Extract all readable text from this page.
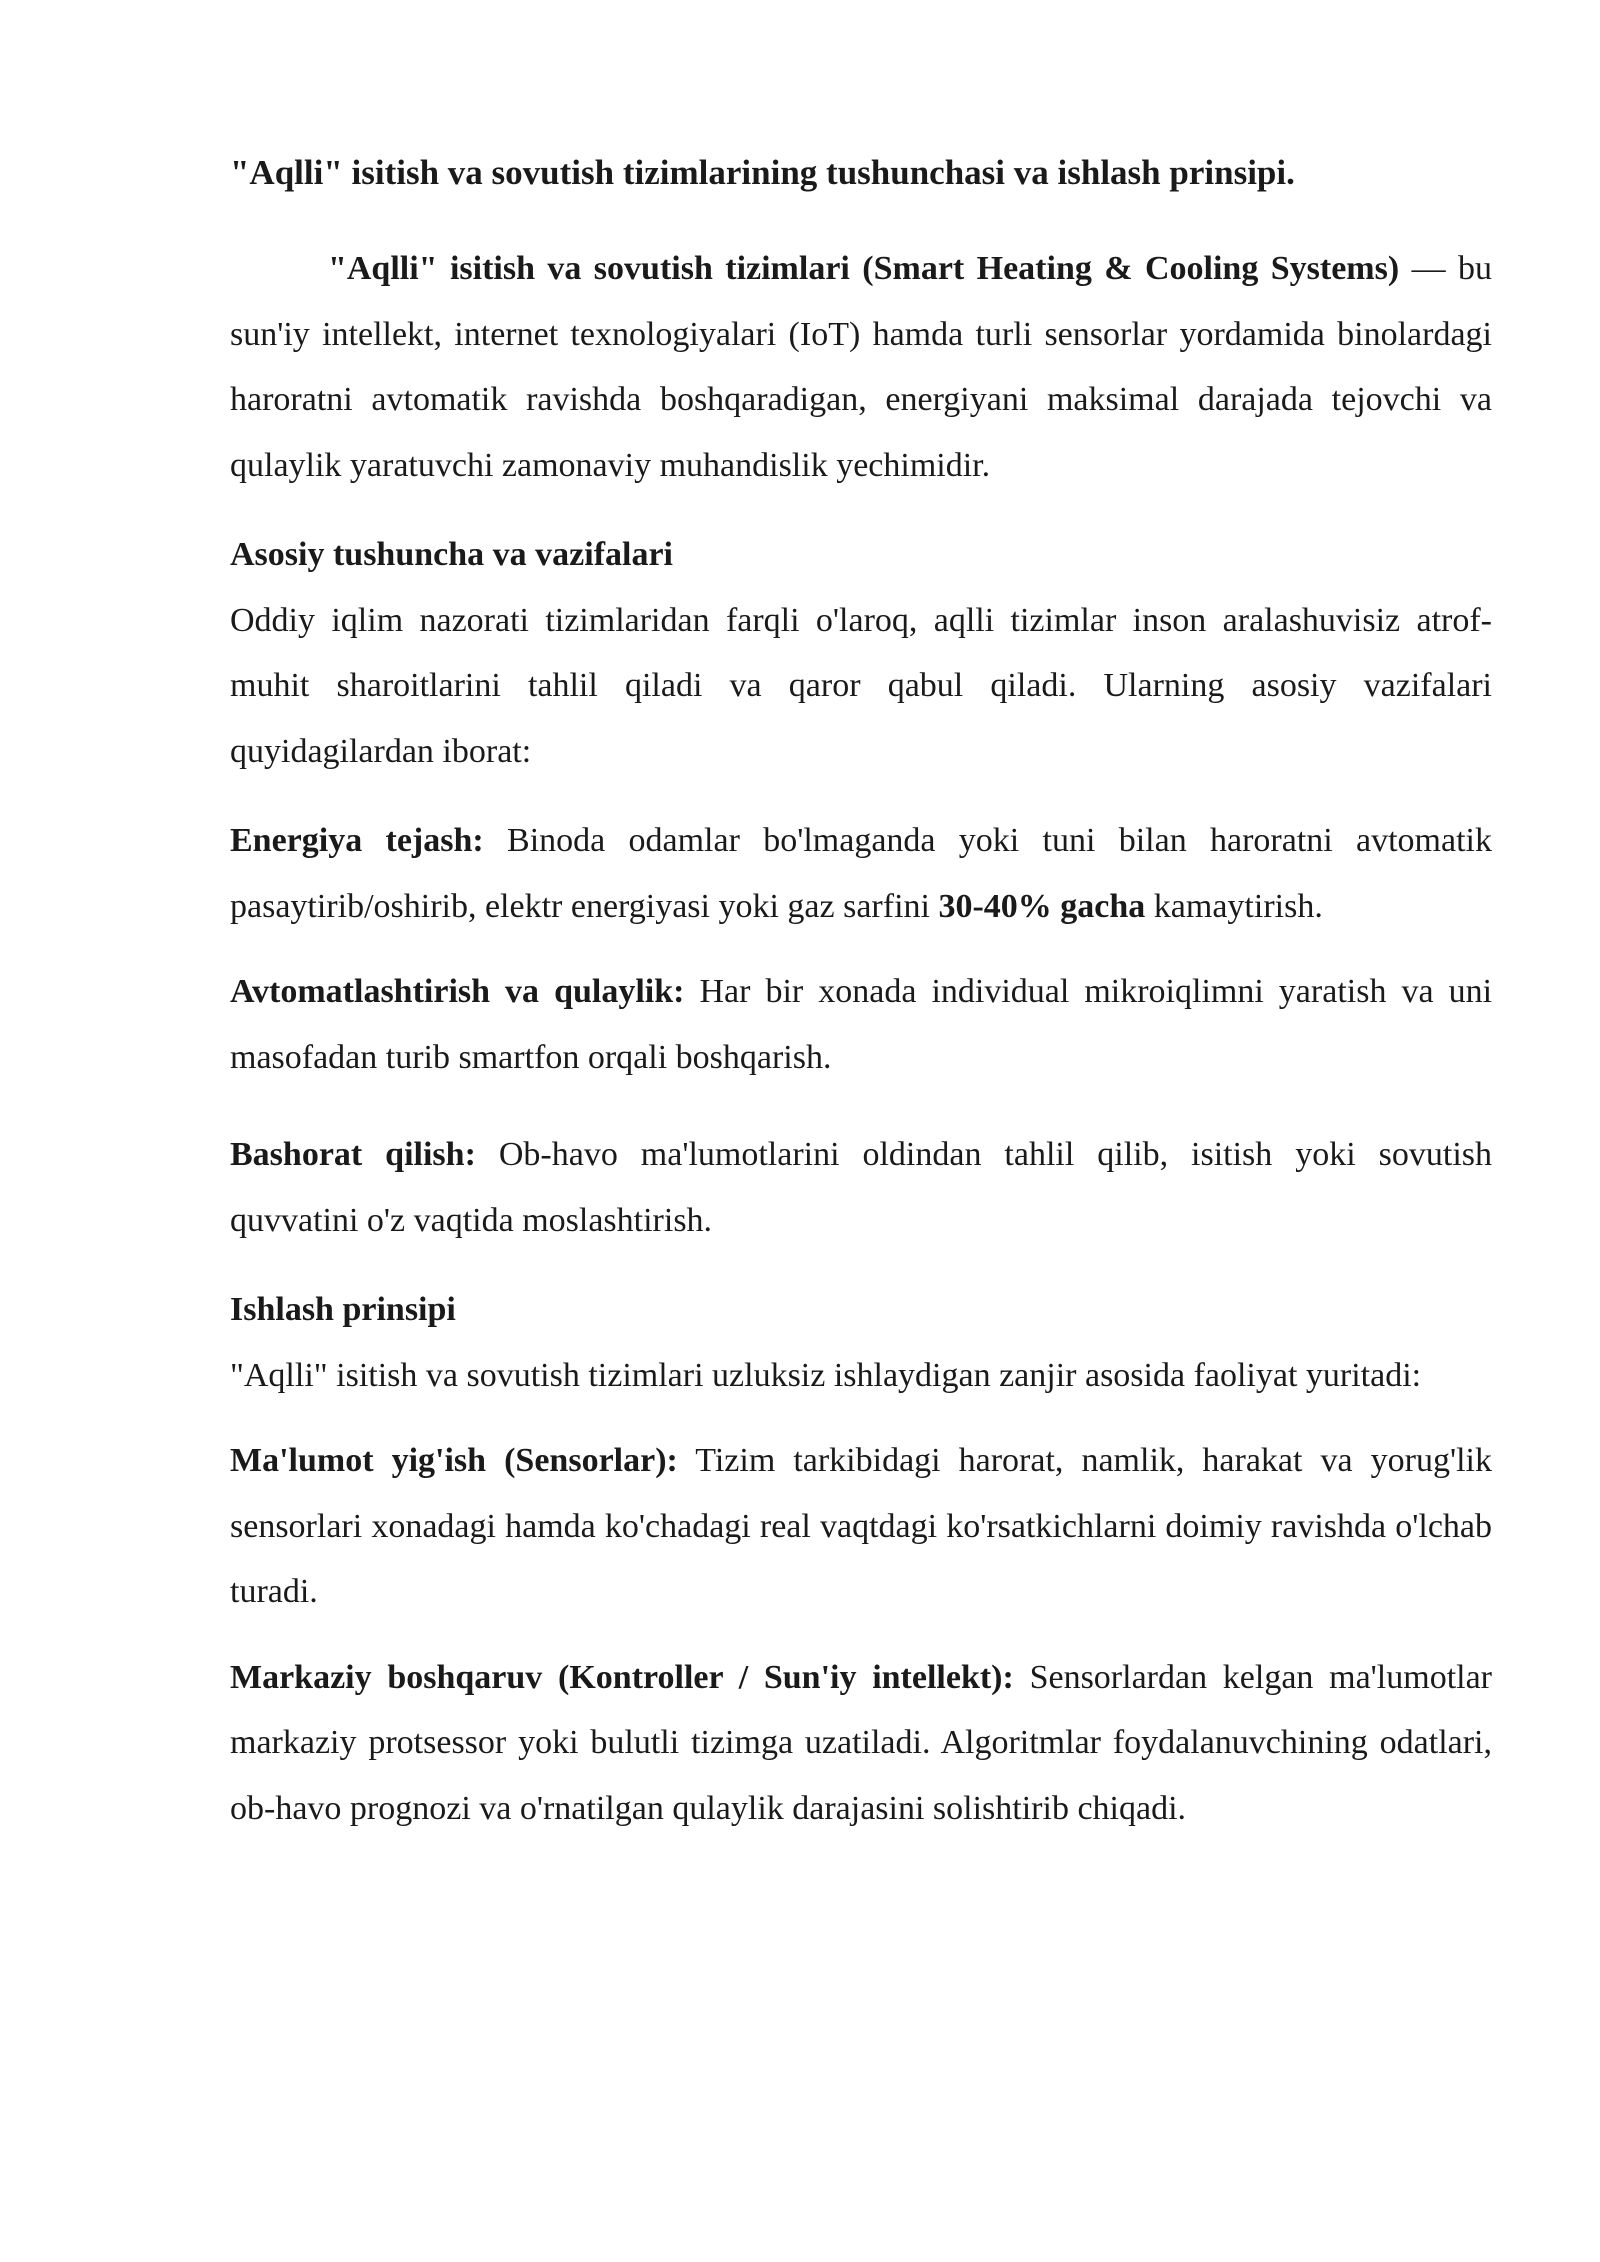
"Aqlli" isitish va sovutish tizimlarining tushunchasi va ishlash prinsipi.

"Aqlli" isitish va sovutish tizimlari (Smart Heating & Cooling Systems) — bu sun'iy intellekt, internet texnologiyalari (IoT) hamda turli sensorlar yordamida binolardagi haroratni avtomatik ravishda boshqaradigan, energiyani maksimal darajada tejovchi va qulaylik yaratuvchi zamonaviy muhandislik yechimidir.

Asosiy tushuncha va vazifalari

Oddiy iqlim nazorati tizimlaridan farqli o'laroq, aqlli tizimlar inson aralashuvisiz atrof-muhit sharoitlarini tahlil qiladi va qaror qabul qiladi. Ularning asosiy vazifalari quyidagilardan iborat:

Energiya tejash: Binoda odamlar bo'lmaganda yoki tuni bilan haroratni avtomatik pasaytirib/oshirib, elektr energiyasi yoki gaz sarfini 30-40% gacha kamaytirish.

Avtomatlashtirish va qulaylik: Har bir xonada individual mikroiqlimni yaratish va uni masofadan turib smartfon orqali boshqarish.

Bashorat qilish: Ob-havo ma'lumotlarini oldindan tahlil qilib, isitish yoki sovutish quvvatini o'z vaqtida moslashtirish.

Ishlash prinsipi

"Aqlli" isitish va sovutish tizimlari uzluksiz ishlaydigan zanjir asosida faoliyat yuritadi:

Ma'lumot yig'ish (Sensorlar): Tizim tarkibidagi harorat, namlik, harakat va yorug'lik sensorlari xonadagi hamda ko'chadagi real vaqtdagi ko'rsatkichlarni doimiy ravishda o'lchab turadi.

Markaziy boshqaruv (Kontroller / Sun'iy intellekt): Sensorlardan kelgan ma'lumotlar markaziy protsessor yoki bulutli tizimga uzatiladi. Algoritmlar foydalanuvchining odatlari, ob-havo prognozi va o'rnatilgan qulaylik darajasini solishtirib chiqadi.
